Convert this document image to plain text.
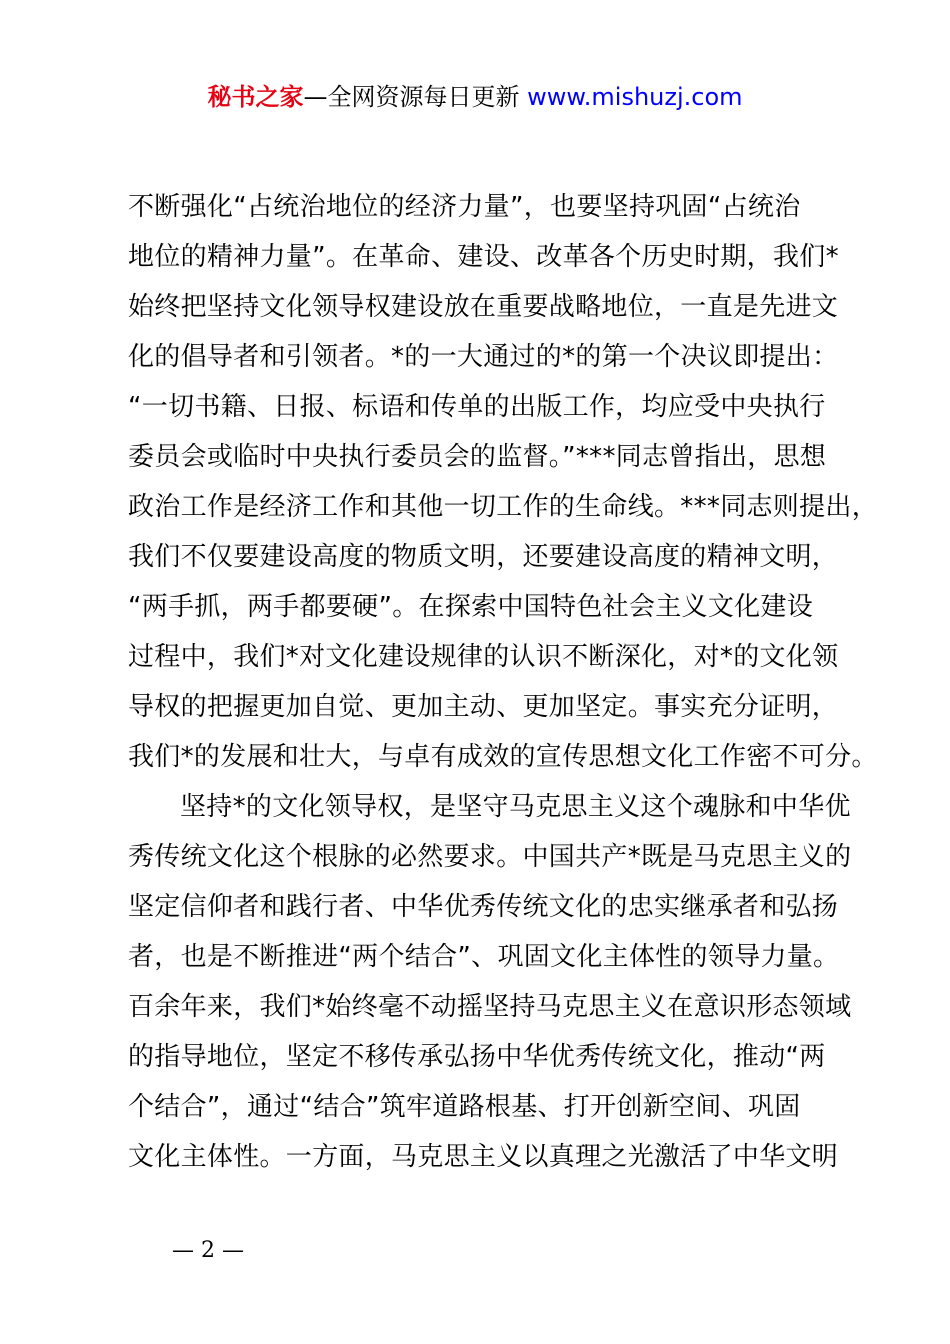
秘书之家—全网资源每日更新 www.mishuzj.com
不断强化“占统治地位的经济力量”，也要坚持巩固“占统治
地位的精神力量”。在革命、建设、改革各个历史时期，我们*
始终把坚持文化领导权建设放在重要战略地位，一直是先进文
化的倡导者和引领者。*的一大通过的*的第一个决议即提出：
“一切书籍、日报、标语和传单的出版工作，均应受中央执行
委员会或临时中央执行委员会的监督。”***同志曾指出，思想
政治工作是经济工作和其他一切工作的生命线。***同志则提出，
我们不仅要建设高度的物质文明，还要建设高度的精神文明，
“两手抓，两手都要硬”。在探索中国特色社会主义文化建设
过程中，我们*对文化建设规律的认识不断深化，对*的文化领
导权的把握更加自觉、更加主动、更加坚定。事实充分证明，
我们*的发展和壮大，与卓有成效的宣传思想文化工作密不可分。
坚持*的文化领导权，是坚守马克思主义这个魂脉和中华优
秀传统文化这个根脉的必然要求。中国共产*既是马克思主义的
坚定信仰者和践行者、中华优秀传统文化的忠实继承者和弘扬
者，也是不断推进“两个结合”、巩固文化主体性的领导力量。
百余年来，我们*始终毫不动摇坚持马克思主义在意识形态领域
的指导地位，坚定不移传承弘扬中华优秀传统文化，推动“两
个结合”，通过“结合”筑牢道路根基、打开创新空间、巩固
文化主体性。一方面，马克思主义以真理之光激活了中华文明
— 2 —
